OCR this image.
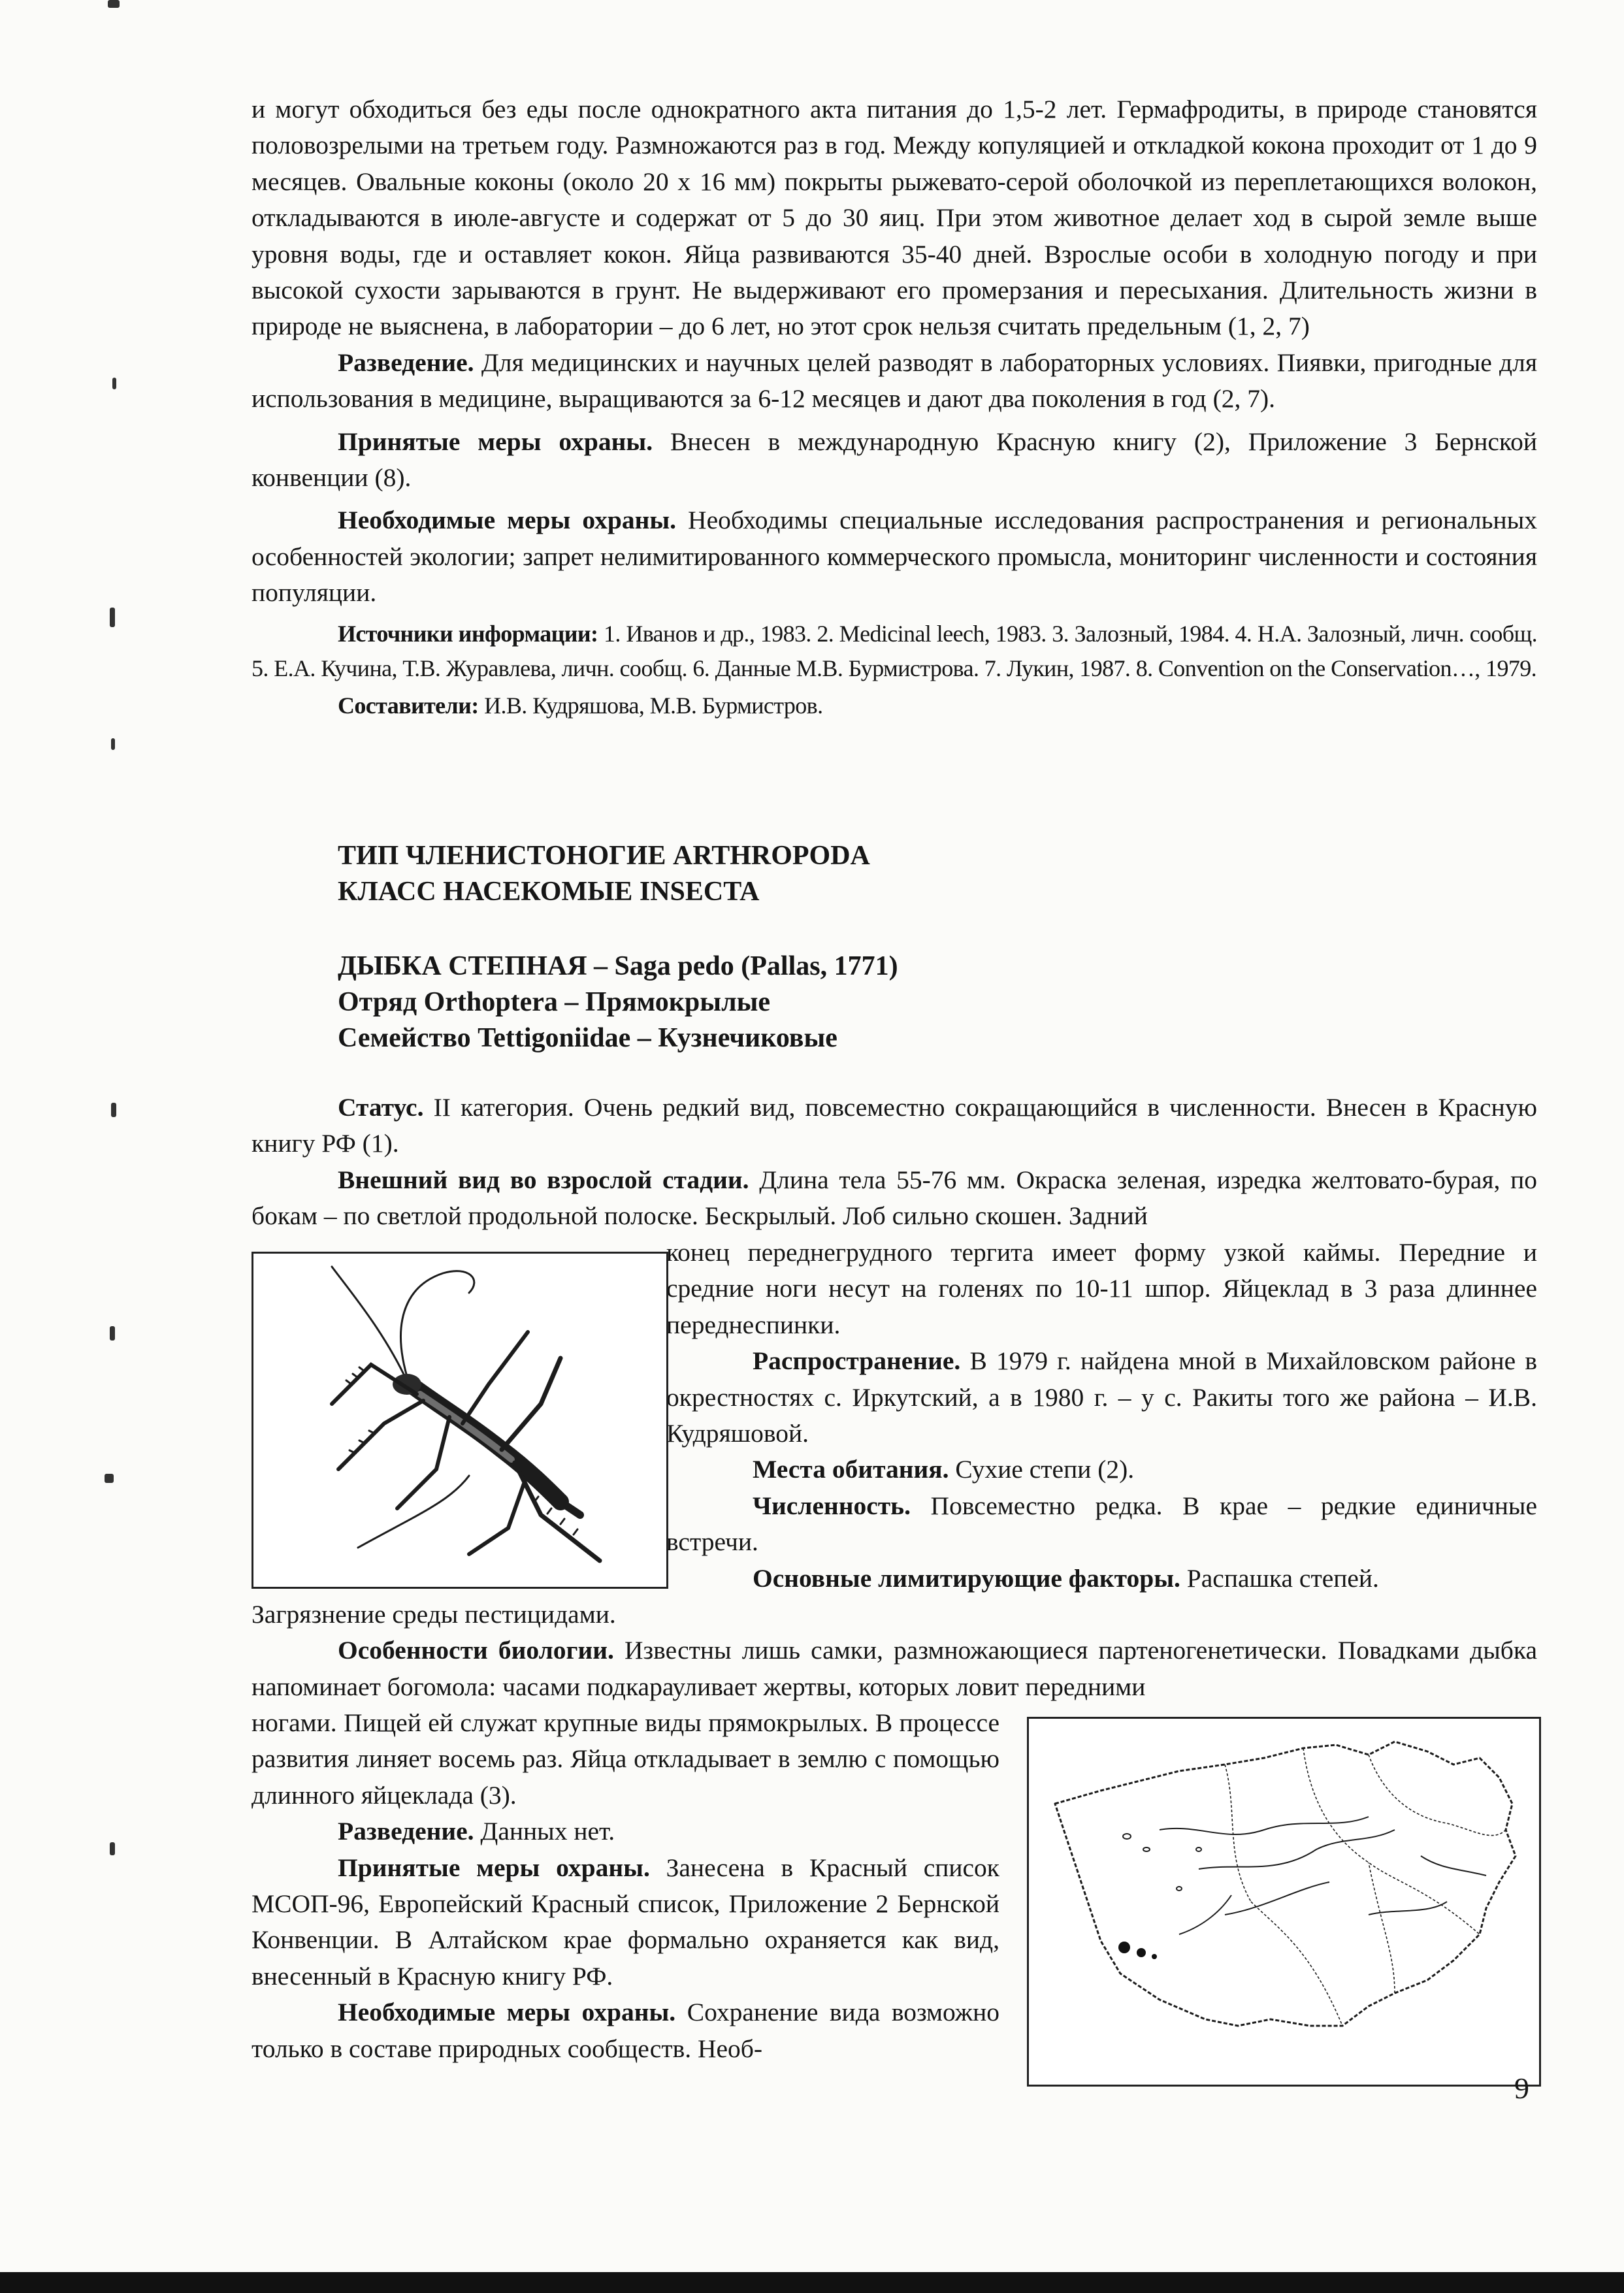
и могут обходиться без еды после однократного акта питания до 1,5-2 лет. Гермафродиты, в природе становятся половозрелыми на третьем году. Размножаются раз в год. Между копуляцией и откладкой кокона проходит от 1 до 9 месяцев. Овальные коконы (около 20 х 16 мм) покрыты рыжевато-серой оболочкой из переплетающихся волокон, откладываются в июле-августе и содержат от 5 до 30 яиц. При этом животное делает ход в сырой земле выше уровня воды, где и оставляет кокон. Яйца развиваются 35-40 дней. Взрослые особи в холодную погоду и при высокой сухости зарываются в грунт. Не выдерживают его промерзания и пересыхания. Длительность жизни в природе не выяснена, в лаборатории – до 6 лет, но этот срок нельзя считать предельным (1, 2, 7)

Разведение. Для медицинских и научных целей разводят в лабораторных условиях. Пиявки, пригодные для использования в медицине, выращиваются за 6-12 месяцев и дают два поколения в год (2, 7).

Принятые меры охраны. Внесен в международную Красную книгу (2), Приложение 3 Бернской конвенции (8).

Необходимые меры охраны. Необходимы специальные исследования распространения и региональных особенностей экологии; запрет нелимитированного коммерческого промысла, мониторинг численности и состояния популяции.

Источники информации: 1. Иванов и др., 1983. 2. Medicinal leech, 1983. 3. Залозный, 1984. 4. Н.А. Залозный, личн. сообщ. 5. Е.А. Кучина, Т.В. Журавлева, личн. сообщ. 6. Данные М.В. Бурмистрова. 7. Лукин, 1987. 8. Convention on the Conservation…, 1979.

Составители: И.В. Кудряшова, М.В. Бурмистров.

ТИП ЧЛЕНИСТОНОГИЕ ARTHROPODA

КЛАСС НАСЕКОМЫЕ INSECTA

ДЫБКА СТЕПНАЯ – Saga pedo (Pallas, 1771)

Отряд Orthoptera – Прямокрылые

Семейство Tettigoniidae – Кузнечиковые

Статус. II категория. Очень редкий вид, повсеместно сокращающийся в численности. Внесен в Красную книгу РФ (1).

Внешний вид во взрослой стадии. Длина тела 55-76 мм. Окраска зеленая, изредка желтовато-бурая, по бокам – по светлой продольной полоске. Бескрылый. Лоб сильно скошен. Задний

конец переднегрудного тергита имеет форму узкой каймы. Передние и средние ноги несут на голенях по 10-11 шпор. Яйцеклад в 3 раза длиннее переднеспинки.

Распространение. В 1979 г. найдена мной в Михайловском районе в окрестностях с. Иркутский, а в 1980 г. – у с. Ракиты того же района – И.В. Кудряшовой.

Места обитания. Сухие степи (2).

Численность. Повсеместно редка. В крае – редкие единичные встречи.

Основные лимитирующие факторы. Распашка степей.

Загрязнение среды пестицидами.

Особенности биологии. Известны лишь самки, размножающиеся партеногенетически. Повадками дыбка напоминает богомола: часами подкарауливает жертвы, которых ловит передними

ногами. Пищей ей служат крупные виды прямокрылых. В процессе развития линяет восемь раз. Яйца откладывает в землю с помощью длинного яйцеклада (3).

Разведение. Данных нет.

Принятые меры охраны. Занесена в Красный список МСОП-96, Европейский Красный список, Приложение 2 Бернской Конвенции. В Алтайском крае формально охраняется как вид, внесенный в Красную книгу РФ.

Необходимые меры охраны. Сохранение вида возможно только в составе природных сообществ. Необ-

9
